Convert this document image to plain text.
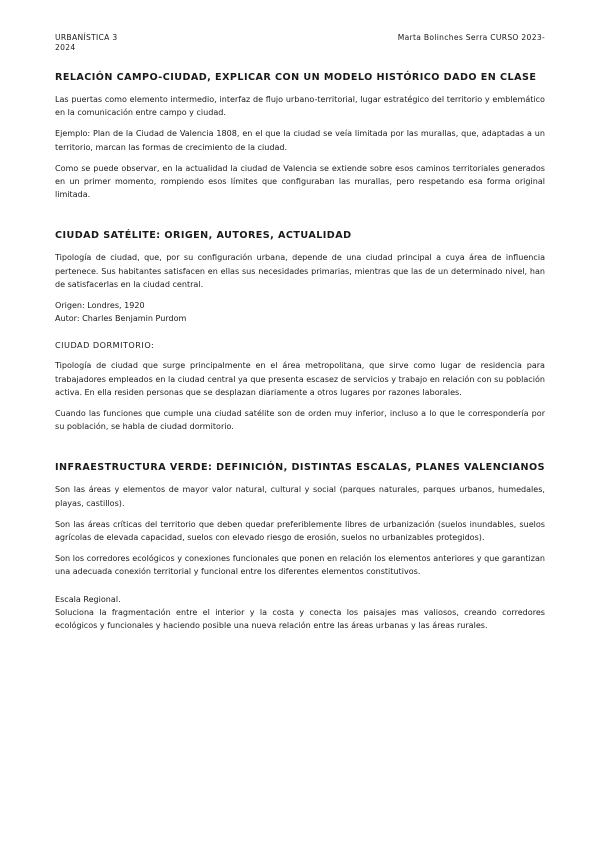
URBANÍSTICA 3
2024
Marta Bolinches Serra CURSO 2023-
RELACIÓN CAMPO-CIUDAD, EXPLICAR CON UN MODELO HISTÓRICO DADO EN CLASE

Las puertas como elemento intermedio, interfaz de flujo urbano-territorial, lugar estratégico del territorio y emblemático en la comunicación entre campo y ciudad.

Ejemplo: Plan de la Ciudad de Valencia 1808, en el que la ciudad se veía limitada por las murallas, que, adaptadas a un territorio, marcan las formas de crecimiento de la ciudad.

Como se puede observar, en la actualidad la ciudad de Valencia se extiende sobre esos caminos territoriales generados en un primer momento, rompiendo esos límites que configuraban las murallas, pero respetando esa forma original limitada.

CIUDAD SATÉLITE: ORIGEN, AUTORES, ACTUALIDAD

Tipología de ciudad, que, por su configuración urbana, depende de una ciudad principal a cuya área de influencia pertenece. Sus habitantes satisfacen en ellas sus necesidades primarias, mientras que las de un determinado nivel, han de satisfacerlas en la ciudad central.

Origen: Londres, 1920

Autor: Charles Benjamin Purdom

CIUDAD DORMITORIO:

Tipología de ciudad que surge principalmente en el área metropolitana, que sirve como lugar de residencia para trabajadores empleados en la ciudad central ya que presenta escasez de servicios y trabajo en relación con su población activa. En ella residen personas que se desplazan diariamente a otros lugares por razones laborales.

Cuando las funciones que cumple una ciudad satélite son de orden muy inferior, incluso a lo que le correspondería por su población, se habla de ciudad dormitorio.

INFRAESTRUCTURA VERDE: DEFINICIÓN, DISTINTAS ESCALAS, PLANES VALENCIANOS

Son las áreas y elementos de mayor valor natural, cultural y social (parques naturales, parques urbanos, humedales, playas, castillos).

Son las áreas críticas del territorio que deben quedar preferiblemente libres de urbanización (suelos inundables, suelos agrícolas de elevada capacidad, suelos con elevado riesgo de erosión, suelos no urbanizables protegidos).

Son los corredores ecológicos y conexiones funcionales que ponen en relación los elementos anteriores y que garantizan una adecuada conexión territorial y funcional entre los diferentes elementos constitutivos.

Escala Regional.

Soluciona la fragmentación entre el interior y la costa y conecta los paisajes mas valiosos, creando corredores ecológicos y funcionales y haciendo posible una nueva relación entre las áreas urbanas y las áreas rurales.
